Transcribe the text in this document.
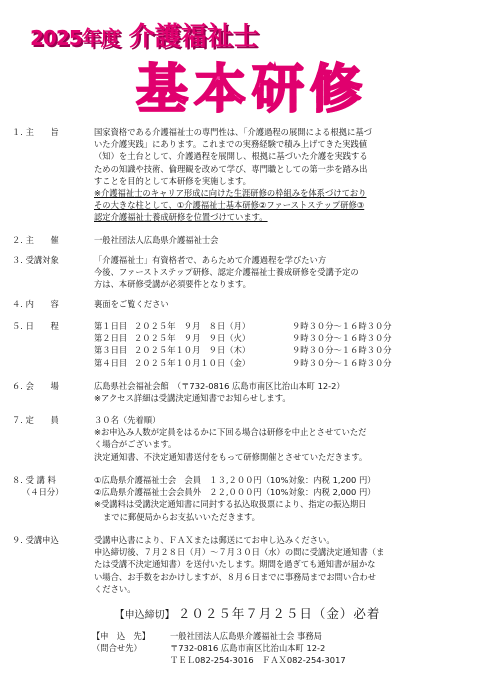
2025年度 介護福祉士
基本研修
１. 主　　旨	国家資格である介護福祉士の専門性は、「介護過程の展開による根拠に基づ
いた介護実践」にあります。これまでの実務経験で積み上げてきた実践値
（知）を土台として、介護過程を展開し、根拠に基づいた介護を実践する
ための知識や技術、倫理観を改めて学び、専門職としての第一歩を踏み出
すことを目的として本研修を実施します。
※介護福祉士のキャリア形成に向けた生涯研修の枠組みを体系づけており
その大きな柱として、①介護福祉士基本研修②ファーストステップ研修③
認定介護福祉士養成研修を位置づけています。
２. 主　　催	一般社団法人広島県介護福祉士会
３. 受講対象	「介護福祉士」有資格者で、あらためて介護過程を学びたい方
今後、ファーストステップ研修、認定介護福祉士養成研修を受講予定の
方は、本研修受講が必須要件となります。
４. 内　　容	裏面をご覧ください
５. 日　　程	第１日目 ２０２５年　９月　８日（月）	９時３０分～１６時３０分
第２日目 ２０２５年　９月　９日（火）	９時３０分～１６時３０分
第３日目 ２０２５年１０月　９日（木）	９時３０分～１６時３０分
第４日目 ２０２５年１０月１０日（金）	９時３０分～１６時３０分
６. 会　　場	広島県社会福祉会館　（〒732-0816 広島市南区比治山本町 12-2）
※アクセス詳細は受講決定通知書でお知らせします。
７. 定　　員	３０名（先着順）
※お申込み人数が定員をはるかに下回る場合は研修を中止とさせていただ
く場合がございます。
決定通知書、不決定通知書送付をもって研修開催とさせていただきます。
８. 受 講 料
（４日分）
①広島県介護福祉士会　会員　１３,２００円（10%対象：内税 1,200 円）
②広島県介護福祉士会会員外　２２,０００円（10%対象：内税 2,000 円）
※受講料は受講決定通知書に同封する払込取扱票により、指定の振込期日
までに郵便局からお支払いいただきます。
９. 受講申込	受講申込書により、ＦＡＸまたは郵送にてお申し込みください。
申込締切後、７月２８日（月）～７月３０日（水）の間に受講決定通知書（ま
たは受講不決定通知書）を送付いたします。期間を過ぎても通知書が届かな
い場合、お手数をおかけしますが、８月６日までに事務局までお問い合わせ
ください。
【申込締切】 ２０２５年７月２５日（金）必着
【申　込　先】 一般社団法人広島県介護福祉士会 事務局
（問合せ先）	〒732-0816 広島市南区比治山本町 12-2
ＴＥＬ082-254-3016　ＦＡＸ082-254-3017
